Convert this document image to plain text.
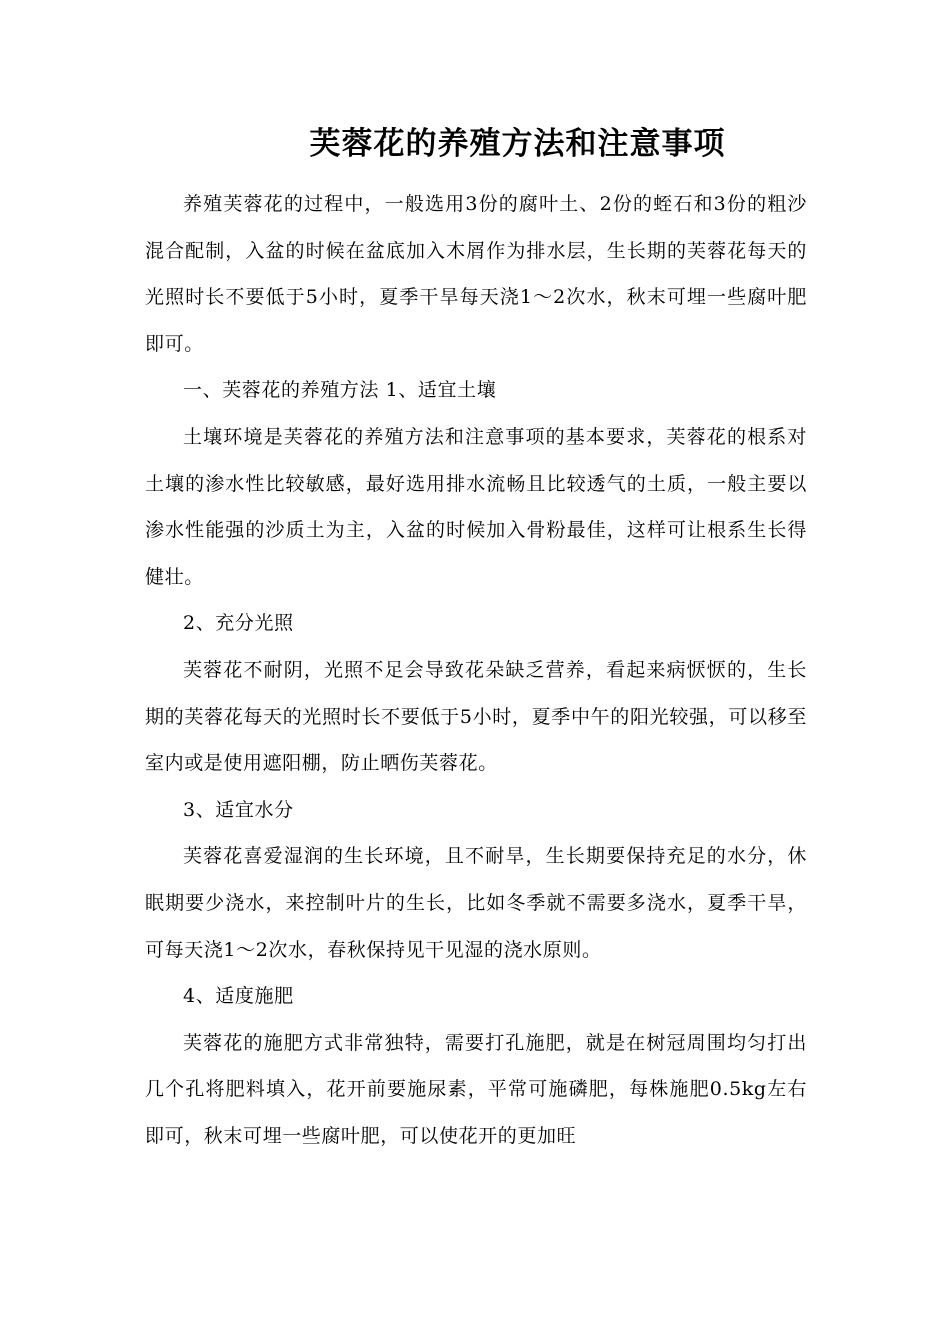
芙蓉花的养殖方法和注意事项

养殖芙蓉花的过程中，一般选用3份的腐叶土、2份的蛭石和3份的粗沙混合配制，入盆的时候在盆底加入木屑作为排水层，生长期的芙蓉花每天的光照时长不要低于5小时，夏季干旱每天浇1～2次水，秋末可埋一些腐叶肥即可。

一、芙蓉花的养殖方法 1、适宜土壤

土壤环境是芙蓉花的养殖方法和注意事项的基本要求，芙蓉花的根系对土壤的渗水性比较敏感，最好选用排水流畅且比较透气的土质，一般主要以渗水性能强的沙质土为主，入盆的时候加入骨粉最佳，这样可让根系生长得健壮。

2、充分光照

芙蓉花不耐阴，光照不足会导致花朵缺乏营养，看起来病恹恹的，生长期的芙蓉花每天的光照时长不要低于5小时，夏季中午的阳光较强，可以移至室内或是使用遮阳棚，防止晒伤芙蓉花。

3、适宜水分

芙蓉花喜爱湿润的生长环境，且不耐旱，生长期要保持充足的水分，休眠期要少浇水，来控制叶片的生长，比如冬季就不需要多浇水，夏季干旱，可每天浇1～2次水，春秋保持见干见湿的浇水原则。

4、适度施肥

芙蓉花的施肥方式非常独特，需要打孔施肥，就是在树冠周围均匀打出几个孔将肥料填入，花开前要施尿素，平常可施磷肥，每株施肥0.5kg左右即可，秋末可埋一些腐叶肥，可以使花开的更加旺
